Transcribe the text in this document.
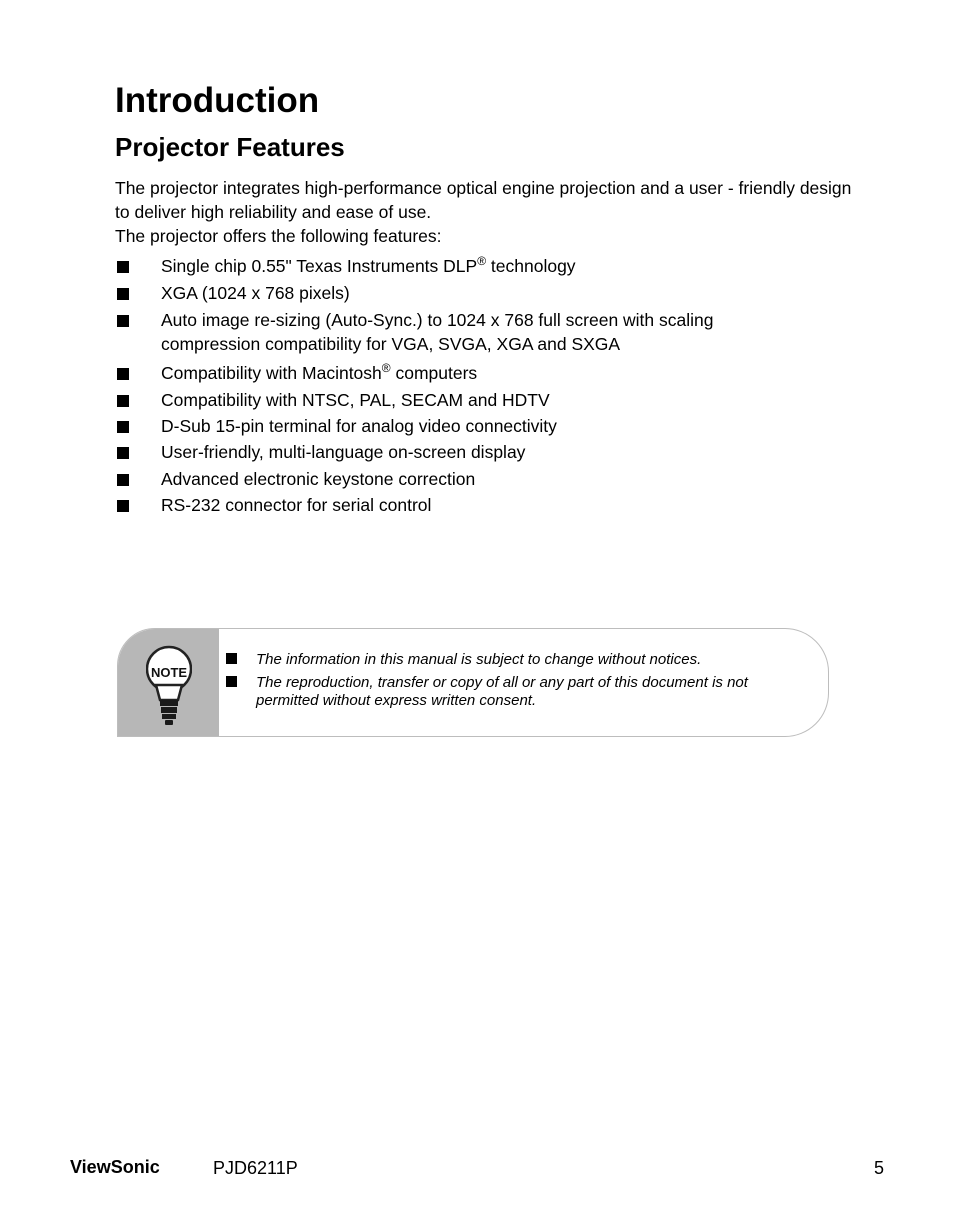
Introduction
Projector Features

The projector integrates high-performance optical engine projection and a user - friendly design to deliver high reliability and ease of use.

The projector offers the following features:

Single chip 0.55" Texas Instruments DLP® technology
XGA (1024 x 768 pixels)
Auto image re-sizing (Auto-Sync.) to 1024 x 768 full screen with scaling compression compatibility for VGA, SVGA, XGA and SXGA
Compatibility with Macintosh® computers
Compatibility with NTSC, PAL, SECAM and HDTV
D-Sub 15-pin terminal for analog video connectivity
User-friendly, multi-language on-screen display
Advanced electronic keystone correction
RS-232 connector for serial control
NOTE
The information in this manual is subject to change without notices.
The reproduction, transfer or copy of all or any part of this document is not permitted without express written consent.
ViewSonic	PJD6211P	5
